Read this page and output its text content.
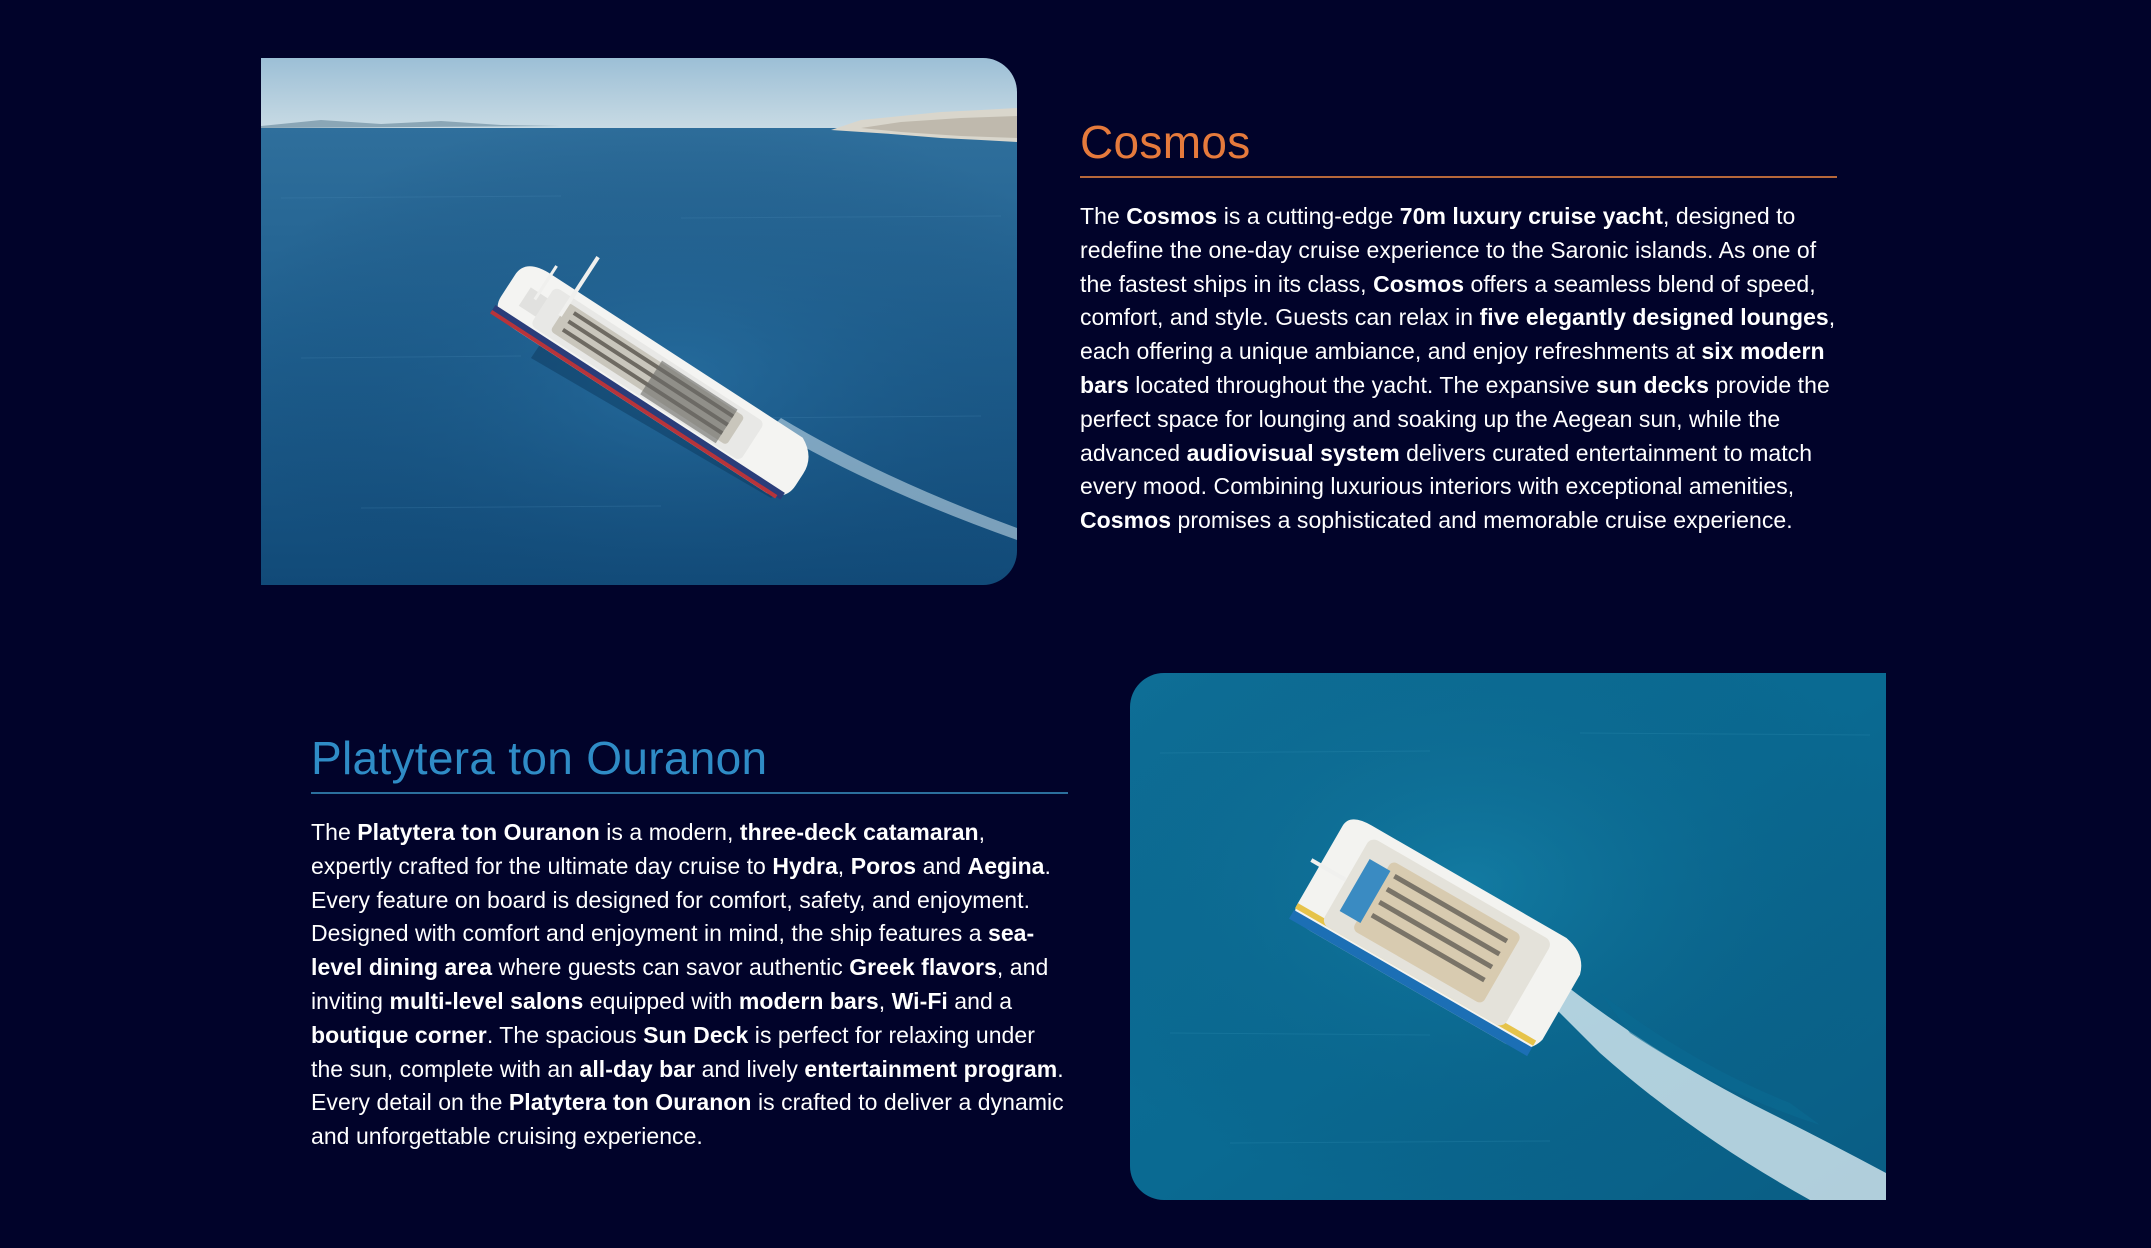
Cosmos

The Cosmos is a cutting-edge 70m luxury cruise yacht, designed to redefine the one-day cruise experience to the Saronic islands. As one of the fastest ships in its class, Cosmos offers a seamless blend of speed, comfort, and style. Guests can relax in five elegantly designed lounges, each offering a unique ambiance, and enjoy refreshments at six modern bars located throughout the yacht. The expansive sun decks provide the perfect space for lounging and soaking up the Aegean sun, while the advanced audiovisual system delivers curated entertainment to match every mood. Combining luxurious interiors with exceptional amenities, Cosmos promises a sophisticated and memorable cruise experience.

Platytera ton Ouranon

The Platytera ton Ouranon is a modern, three-deck catamaran, expertly crafted for the ultimate day cruise to Hydra, Poros and Aegina. Every feature on board is designed for comfort, safety, and enjoyment. Designed with comfort and enjoyment in mind, the ship features a sea-level dining area where guests can savor authentic Greek flavors, and inviting multi-level salons equipped with modern bars, Wi-Fi and a boutique corner. The spacious Sun Deck is perfect for relaxing under the sun, complete with an all-day bar and lively entertainment program. Every detail on the Platytera ton Ouranon is crafted to deliver a dynamic and unforgettable cruising experience.
